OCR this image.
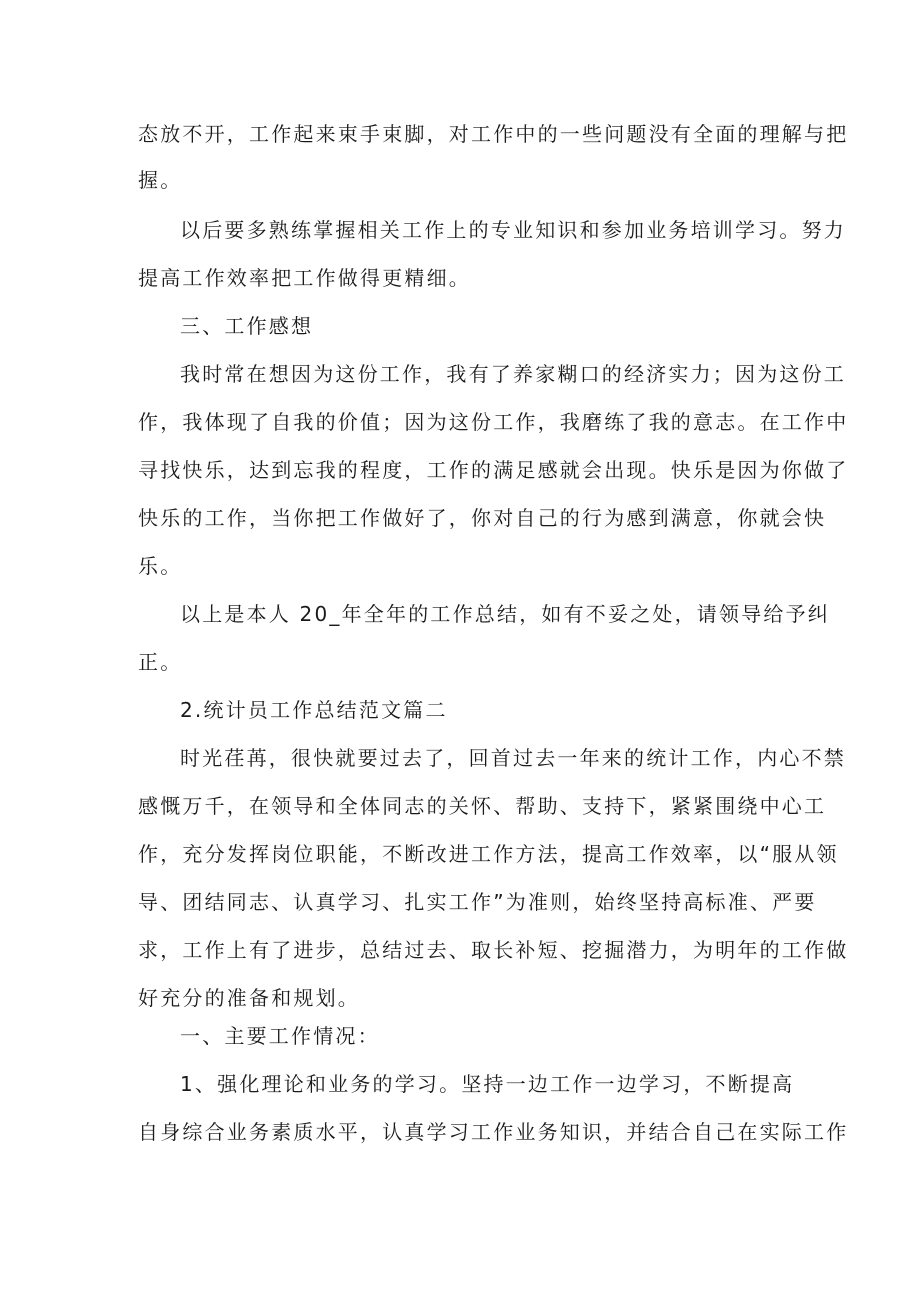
态放不开，工作起来束手束脚，对工作中的一些问题没有全面的理解与把
握。
以后要多熟练掌握相关工作上的专业知识和参加业务培训学习。努力
提高工作效率把工作做得更精细。
三、工作感想
我时常在想因为这份工作，我有了养家糊口的经济实力；因为这份工
作，我体现了自我的价值；因为这份工作，我磨练了我的意志。在工作中
寻找快乐，达到忘我的程度，工作的满足感就会出现。快乐是因为你做了
快乐的工作，当你把工作做好了，你对自己的行为感到满意，你就会快
乐。
以上是本人 20_年全年的工作总结，如有不妥之处，请领导给予纠
正。
2.统计员工作总结范文篇二
时光荏苒，很快就要过去了，回首过去一年来的统计工作，内心不禁
感慨万千，在领导和全体同志的关怀、帮助、支持下，紧紧围绕中心工
作，充分发挥岗位职能，不断改进工作方法，提高工作效率，以“服从领
导、团结同志、认真学习、扎实工作”为准则，始终坚持高标准、严要
求，工作上有了进步，总结过去、取长补短、挖掘潜力，为明年的工作做
好充分的准备和规划。
一、主要工作情况：
1、强化理论和业务的学习。坚持一边工作一边学习，不断提高
自身综合业务素质水平，认真学习工作业务知识，并结合自己在实际工作
